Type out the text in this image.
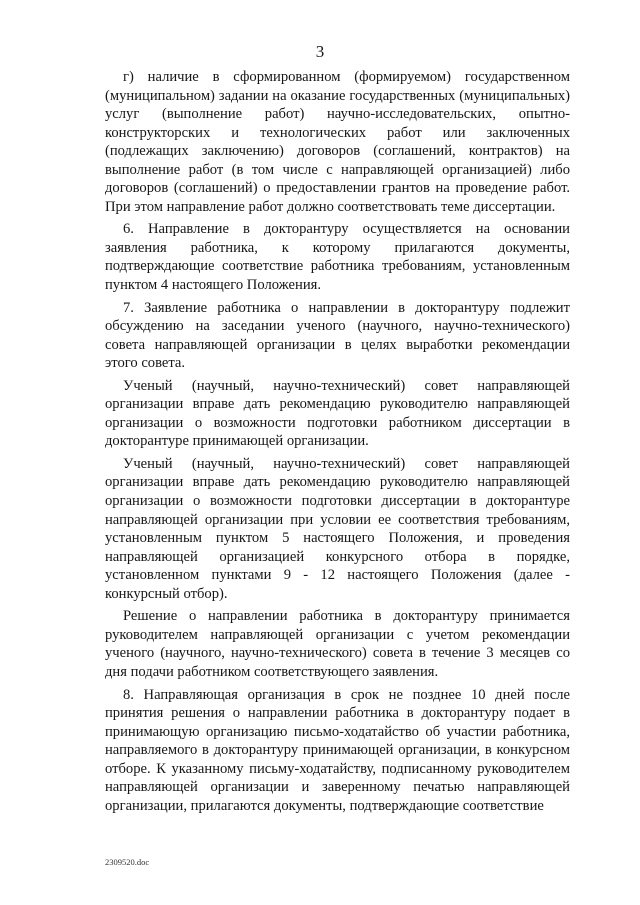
3

г) наличие в сформированном (формируемом) государственном (муниципальном) задании на оказание государственных (муниципальных) услуг (выполнение работ) научно-исследовательских, опытно-конструкторских и технологических работ или заключенных (подлежащих заключению) договоров (соглашений, контрактов) на выполнение работ (в том числе с направляющей организацией) либо договоров (соглашений) о предоставлении грантов на проведение работ. При этом направление работ должно соответствовать теме диссертации.

6. Направление в докторантуру осуществляется на основании заявления работника, к которому прилагаются документы, подтверждающие соответствие работника требованиям, установленным пунктом 4 настоящего Положения.

7. Заявление работника о направлении в докторантуру подлежит обсуждению на заседании ученого (научного, научно-технического) совета направляющей организации в целях выработки рекомендации этого совета.

Ученый (научный, научно-технический) совет направляющей организации вправе дать рекомендацию руководителю направляющей организации о возможности подготовки работником диссертации в докторантуре принимающей организации.

Ученый (научный, научно-технический) совет направляющей организации вправе дать рекомендацию руководителю направляющей организации о возможности подготовки диссертации в докторантуре направляющей организации при условии ее соответствия требованиям, установленным пунктом 5 настоящего Положения, и проведения направляющей организацией конкурсного отбора в порядке, установленном пунктами 9 - 12 настоящего Положения (далее - конкурсный отбор).

Решение о направлении работника в докторантуру принимается руководителем направляющей организации с учетом рекомендации ученого (научного, научно-технического) совета в течение 3 месяцев со дня подачи работником соответствующего заявления.

8. Направляющая организация в срок не позднее 10 дней после принятия решения о направлении работника в докторантуру подает в принимающую организацию письмо-ходатайство об участии работника, направляемого в докторантуру принимающей организации, в конкурсном отборе. К указанному письму-ходатайству, подписанному руководителем направляющей организации и заверенному печатью направляющей организации, прилагаются документы, подтверждающие соответствие

2309520.doc
